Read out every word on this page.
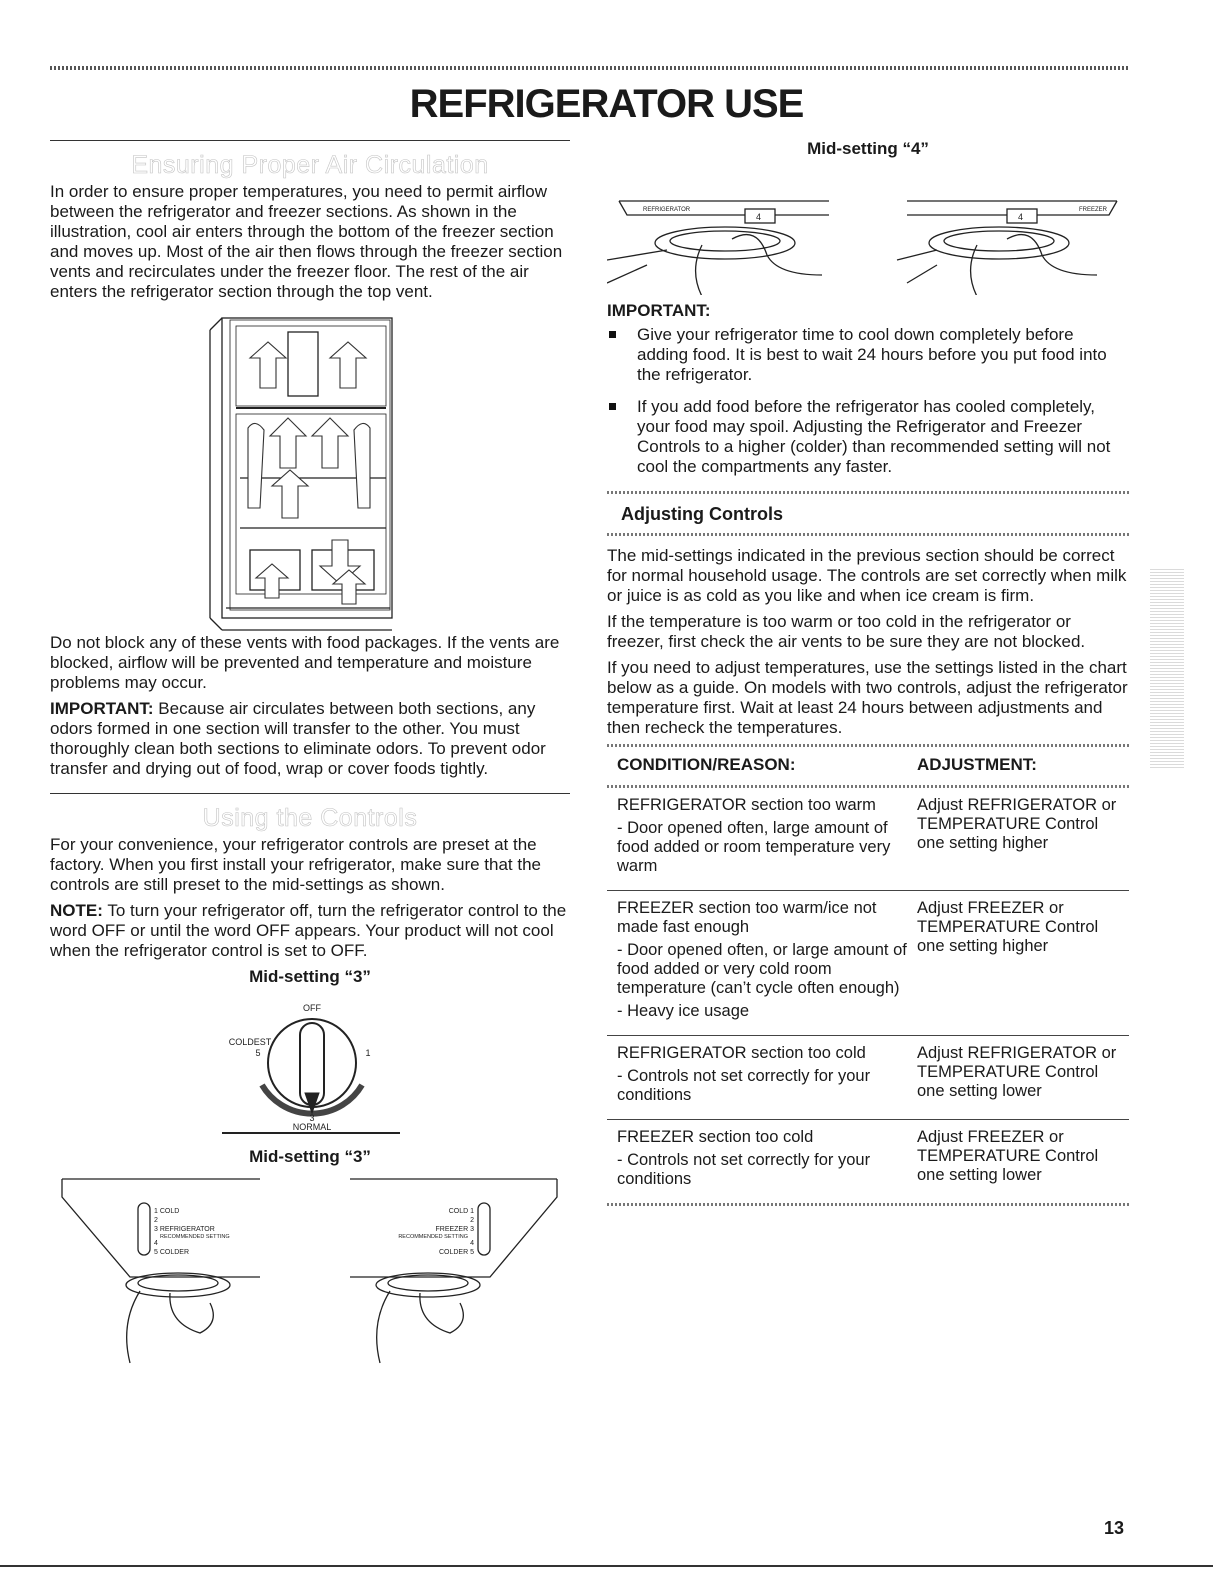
REFRIGERATOR USE
Ensuring Proper Air Circulation

In order to ensure proper temperatures, you need to permit airflow between the refrigerator and freezer sections. As shown in the illustration, cool air enters through the bottom of the freezer section and moves up. Most of the air then flows through the freezer section vents and recirculates under the freezer floor. The rest of the air enters the refrigerator section through the top vent.

Do not block any of these vents with food packages. If the vents are blocked, airflow will be prevented and temperature and moisture problems may occur.

IMPORTANT: Because air circulates between both sections, any odors formed in one section will transfer to the other. You must thoroughly clean both sections to eliminate odors. To prevent odor transfer and drying out of food, wrap or cover foods tightly.

Using the Controls

For your convenience, your refrigerator controls are preset at the factory. When you first install your refrigerator, make sure that the controls are still preset to the mid-settings as shown.

NOTE: To turn your refrigerator off, turn the refrigerator control to the word OFF or until the word OFF appears. Your product will not cool when the refrigerator control is set to OFF.

Mid-setting “3”
OFF
COLDEST
5	1
3
NORMAL
Mid-setting “3”
1 COLD
2
3 REFRIGERATOR
RECOMMENDED SETTING
4
5 COLDER
COLD 1
2
FREEZER 3
RECOMMENDED SETTING
4
COLDER 5
Mid-setting “4”
REFRIGERATOR
4
FREEZER
4
IMPORTANT:
Give your refrigerator time to cool down completely before adding food. It is best to wait 24 hours before you put food into the refrigerator.
If you add food before the refrigerator has cooled completely, your food may spoil. Adjusting the Refrigerator and Freezer Controls to a higher (colder) than recommended setting will not cool the compartments any faster.
Adjusting Controls

The mid-settings indicated in the previous section should be correct for normal household usage. The controls are set correctly when milk or juice is as cold as you like and when ice cream is firm.

If the temperature is too warm or too cold in the refrigerator or freezer, first check the air vents to be sure they are not blocked.

If you need to adjust temperatures, use the settings listed in the chart below as a guide. On models with two controls, adjust the refrigerator temperature first. Wait at least 24 hours between adjustments and then recheck the temperatures.

CONDITION/REASON:	ADJUSTMENT:
REFRIGERATOR section too warm
- Door opened often, large amount of food added or room temperature very warm
Adjust REFRIGERATOR or TEMPERATURE Control one setting higher
FREEZER section too warm/ice not made fast enough
- Door opened often, or large amount of food added or very cold room temperature (can’t cycle often enough)
- Heavy ice usage
Adjust FREEZER or TEMPERATURE Control one setting higher
REFRIGERATOR section too cold
- Controls not set correctly for your conditions
Adjust REFRIGERATOR or TEMPERATURE Control one setting lower
FREEZER section too cold
- Controls not set correctly for your conditions
Adjust FREEZER or TEMPERATURE Control one setting lower
13
